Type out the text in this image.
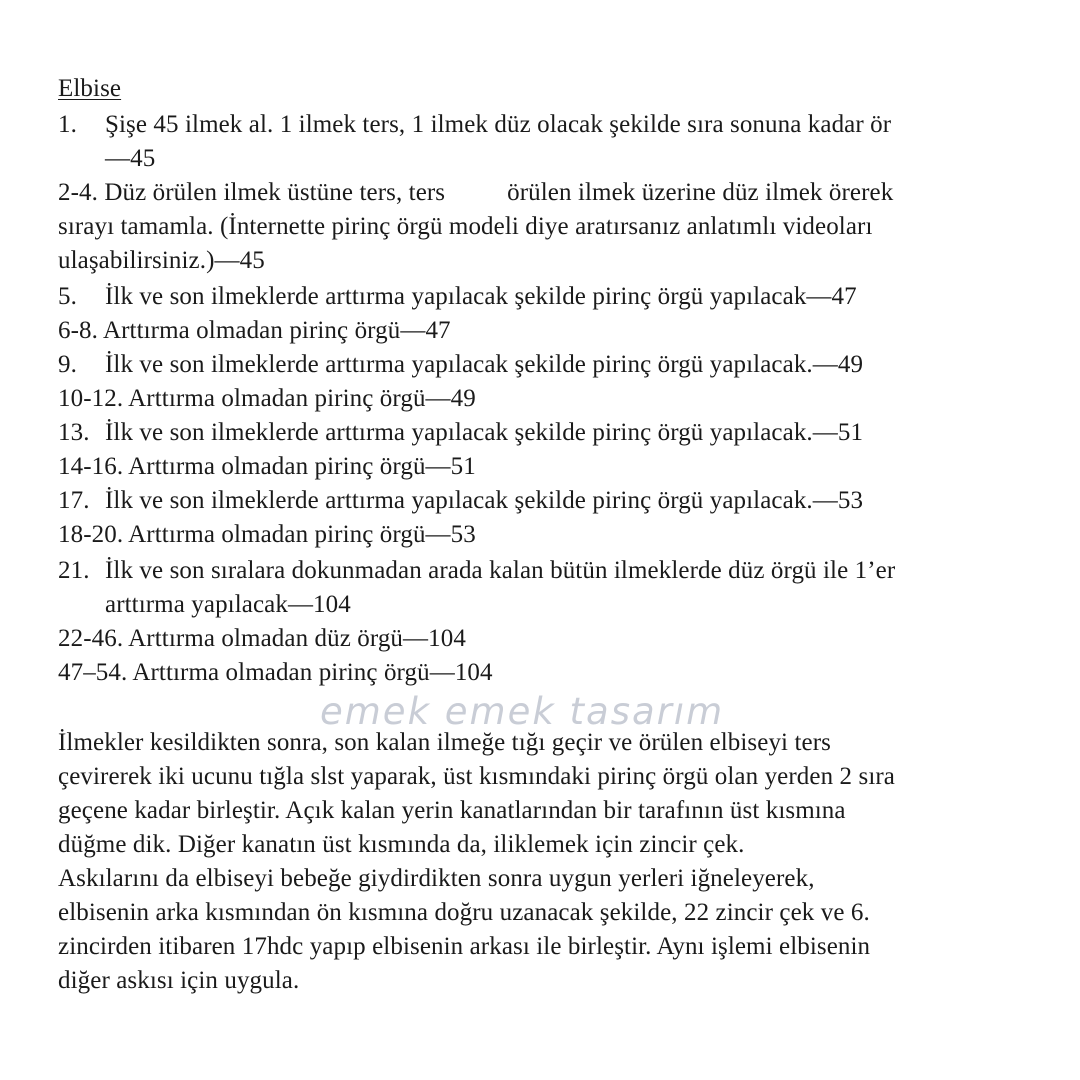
Elbise
1. Şişe 45 ilmek al. 1 ilmek ters, 1 ilmek düz olacak şekilde sıra sonuna kadar ör
—45
2-4. Düz örülen ilmek üstüne ters, ters örülen ilmek üzerine düz ilmek örerek
sırayı tamamla. (İnternette pirinç örgü modeli diye aratırsanız anlatımlı videoları
ulaşabilirsiniz.)—45
5. İlk ve son ilmeklerde arttırma yapılacak şekilde pirinç örgü yapılacak—47
6-8. Arttırma olmadan pirinç örgü—47
9. İlk ve son ilmeklerde arttırma yapılacak şekilde pirinç örgü yapılacak.—49
10-12. Arttırma olmadan pirinç örgü—49
13. İlk ve son ilmeklerde arttırma yapılacak şekilde pirinç örgü yapılacak.—51
14-16. Arttırma olmadan pirinç örgü—51
17. İlk ve son ilmeklerde arttırma yapılacak şekilde pirinç örgü yapılacak.—53
18-20. Arttırma olmadan pirinç örgü—53
21. İlk ve son sıralara dokunmadan arada kalan bütün ilmeklerde düz örgü ile 1’er
arttırma yapılacak—104
22-46. Arttırma olmadan düz örgü—104
47–54. Arttırma olmadan pirinç örgü—104
emek emek tasarım
İlmekler kesildikten sonra, son kalan ilmeğe tığı geçir ve örülen elbiseyi ters
çevirerek iki ucunu tığla slst yaparak, üst kısmındaki pirinç örgü olan yerden 2 sıra
geçene kadar birleştir. Açık kalan yerin kanatlarından bir tarafının üst kısmına
düğme dik. Diğer kanatın üst kısmında da, iliklemek için zincir çek.
Askılarını da elbiseyi bebeğe giydirdikten sonra uygun yerleri iğneleyerek,
elbisenin arka kısmından ön kısmına doğru uzanacak şekilde, 22 zincir çek ve 6.
zincirden itibaren 17hdc yapıp elbisenin arkası ile birleştir. Aynı işlemi elbisenin
diğer askısı için uygula.
